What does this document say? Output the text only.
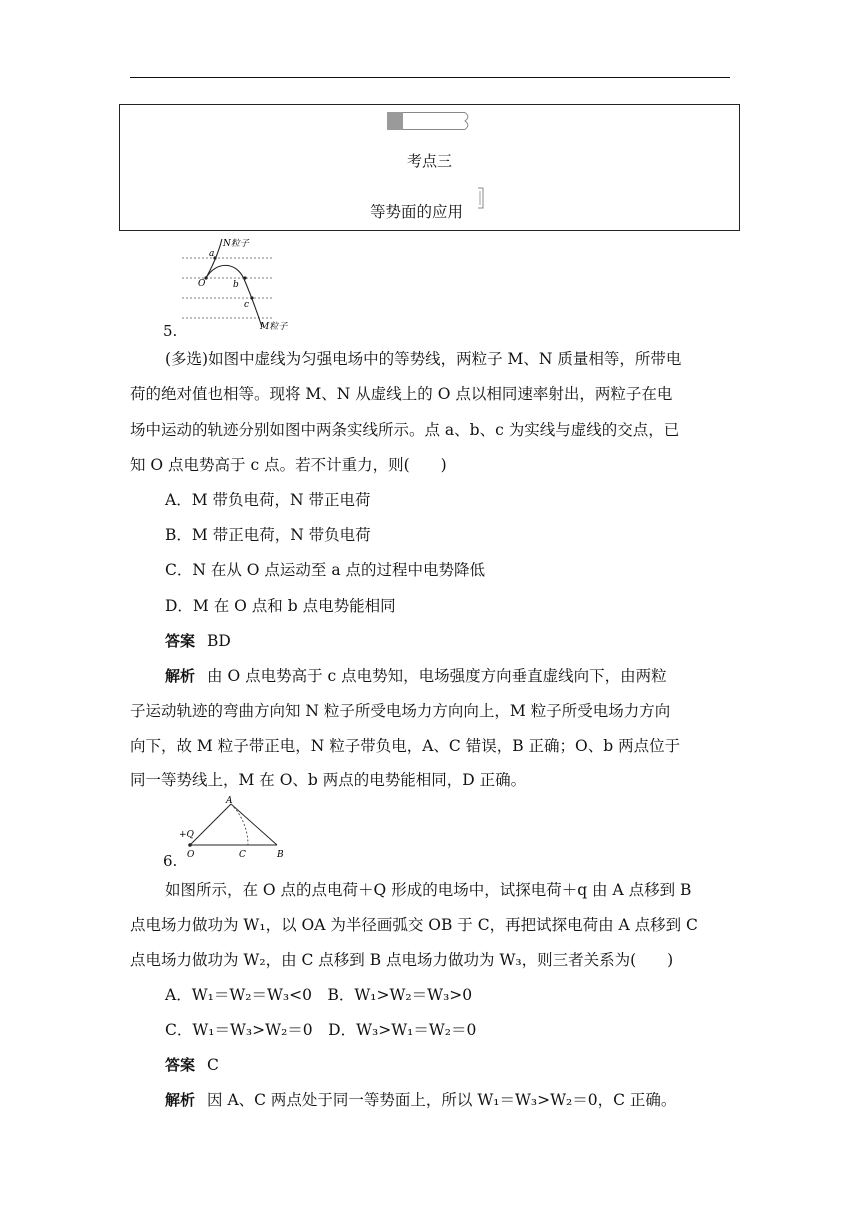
考点三
等势面的应用
N粒子
a
O	b
c
M粒子
5.
(多选)如图中虚线为匀强电场中的等势线，两粒子 M、N 质量相等，所带电
荷的绝对值也相等。现将 M、N 从虚线上的 O 点以相同速率射出，两粒子在电
场中运动的轨迹分别如图中两条实线所示。点 a、b、c 为实线与虚线的交点，已
知 O 点电势高于 c 点。若不计重力，则(　　)
A．M 带负电荷，N 带正电荷
B．M 带正电荷，N 带负电荷
C．N 在从 O 点运动至 a 点的过程中电势降低
D．M 在 O 点和 b 点电势能相同
答案 BD
解析 由 O 点电势高于 c 点电势知，电场强度方向垂直虚线向下，由两粒
子运动轨迹的弯曲方向知 N 粒子所受电场力方向向上，M 粒子所受电场力方向
向下，故 M 粒子带正电，N 粒子带负电，A、C 错误，B 正确；O、b 两点位于
同一等势线上，M 在 O、b 两点的电势能相同，D 正确。
A
+Q
O	C	B
6.
如图所示，在 O 点的点电荷＋Q 形成的电场中，试探电荷＋q 由 A 点移到 B
点电场力做功为 W₁，以 OA 为半径画弧交 OB 于 C，再把试探电荷由 A 点移到 C
点电场力做功为 W₂，由 C 点移到 B 点电场力做功为 W₃，则三者关系为(　　)
A．W₁＝W₂＝W₃<0　B．W₁>W₂＝W₃>0
C．W₁＝W₃>W₂＝0　D．W₃>W₁＝W₂＝0
答案 C
解析 因 A、C 两点处于同一等势面上，所以 W₁＝W₃>W₂＝0，C 正确。
